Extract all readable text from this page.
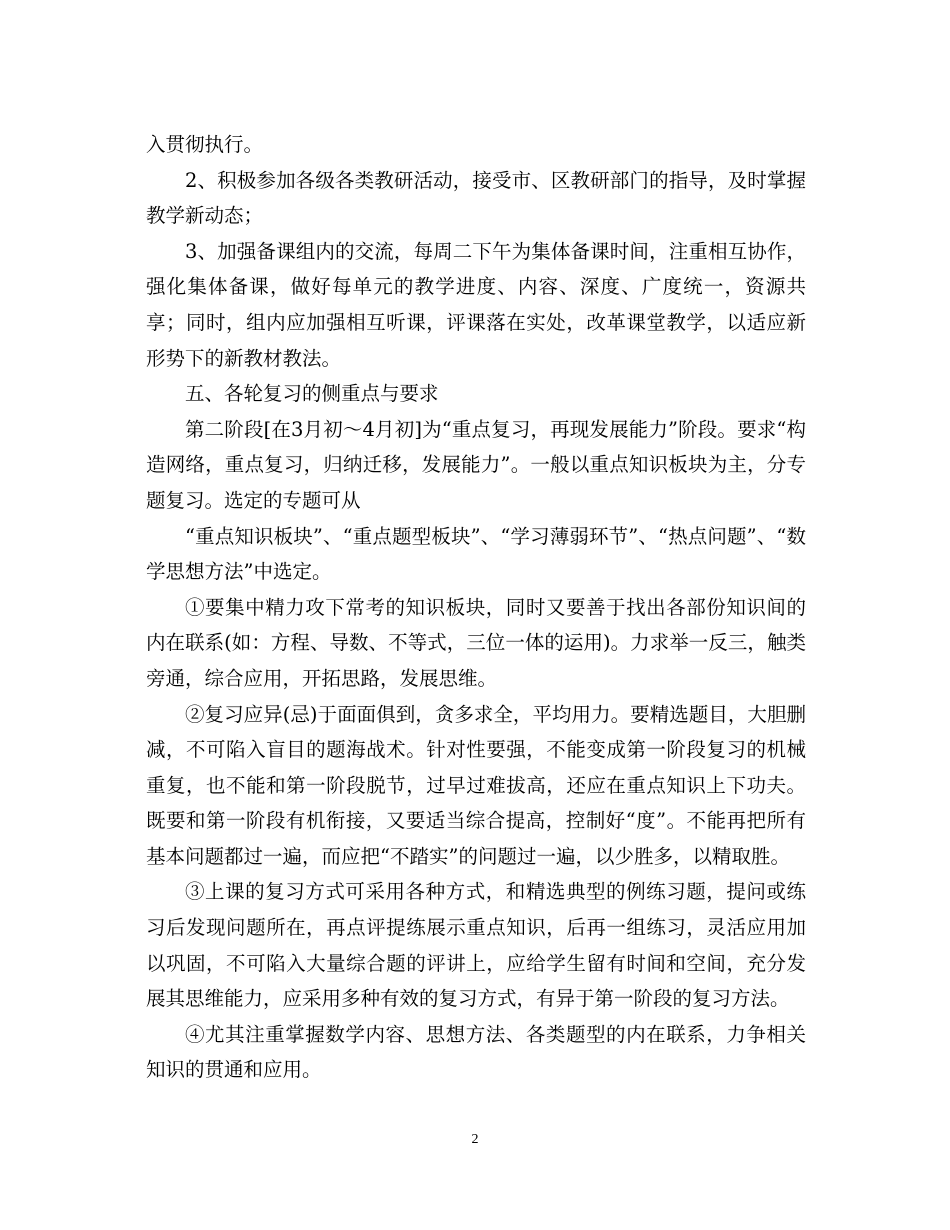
入贯彻执行。

2、积极参加各级各类教研活动，接受市、区教研部门的指导，及时掌握教学新动态；

3、加强备课组内的交流，每周二下午为集体备课时间，注重相互协作，强化集体备课，做好每单元的教学进度、内容、深度、广度统一，资源共享；同时，组内应加强相互听课，评课落在实处，改革课堂教学，以适应新形势下的新教材教法。

五、各轮复习的侧重点与要求

第二阶段[在3月初～4月初]为“重点复习，再现发展能力”阶段。要求“构造网络，重点复习，归纳迁移，发展能力”。一般以重点知识板块为主，分专题复习。选定的专题可从

“重点知识板块”、“重点题型板块”、“学习薄弱环节”、“热点问题”、“数学思想方法”中选定。

①要集中精力攻下常考的知识板块，同时又要善于找出各部份知识间的内在联系(如：方程、导数、不等式，三位一体的运用)。力求举一反三，触类旁通，综合应用，开拓思路，发展思维。

②复习应异(忌)于面面俱到，贪多求全，平均用力。要精选题目，大胆删减，不可陷入盲目的题海战术。针对性要强，不能变成第一阶段复习的机械重复，也不能和第一阶段脱节，过早过难拔高，还应在重点知识上下功夫。既要和第一阶段有机衔接，又要适当综合提高，控制好“度”。不能再把所有基本问题都过一遍，而应把“不踏实”的问题过一遍，以少胜多，以精取胜。

③上课的复习方式可采用各种方式，和精选典型的例练习题，提问或练习后发现问题所在，再点评提练展示重点知识，后再一组练习，灵活应用加以巩固，不可陷入大量综合题的评讲上，应给学生留有时间和空间，充分发展其思维能力，应采用多种有效的复习方式，有异于第一阶段的复习方法。

④尤其注重掌握数学内容、思想方法、各类题型的内在联系，力争相关知识的贯通和应用。

2
